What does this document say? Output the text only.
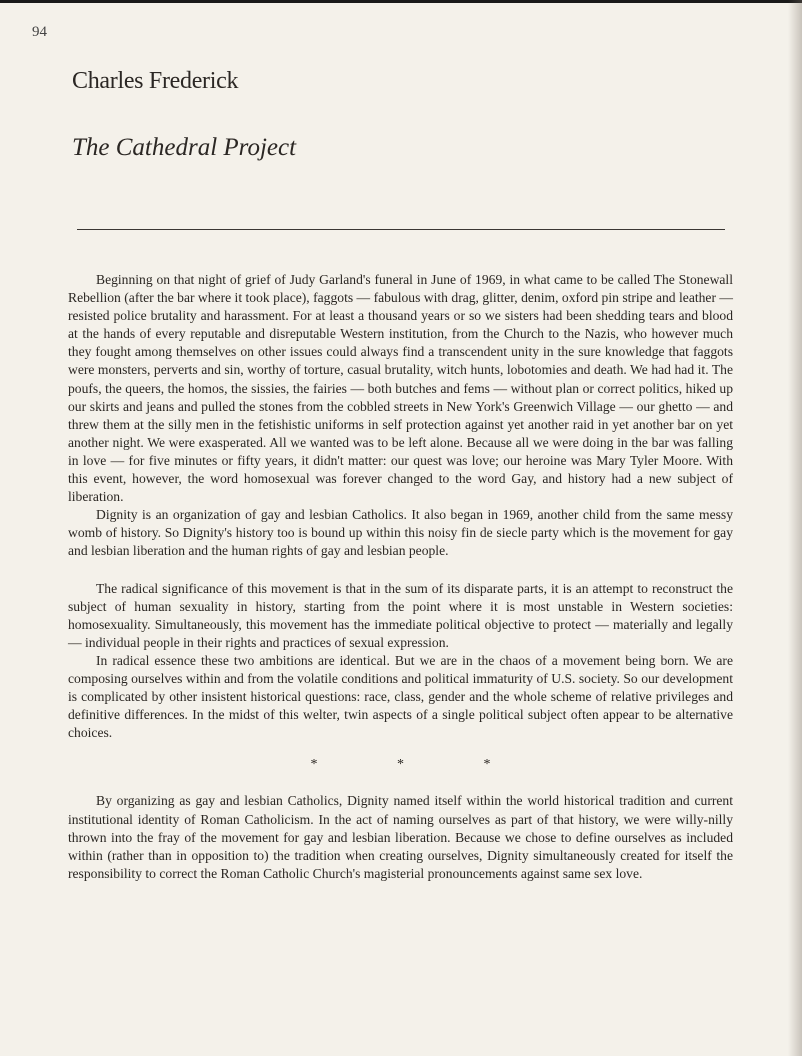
94
Charles Frederick
The Cathedral Project

Beginning on that night of grief of Judy Garland's funeral in June of 1969, in what came to be called The Stonewall Rebellion (after the bar where it took place), faggots — fabulous with drag, glitter, denim, oxford pin stripe and leather — resisted police brutality and harassment. For at least a thousand years or so we sisters had been shedding tears and blood at the hands of every reputable and disreputable Western institution, from the Church to the Nazis, who however much they fought among themselves on other issues could always find a transcendent unity in the sure knowledge that faggots were monsters, perverts and sin, worthy of torture, casual brutality, witch hunts, lobotomies and death. We had had it. The poufs, the queers, the homos, the sissies, the fairies — both butches and fems — without plan or correct politics, hiked up our skirts and jeans and pulled the stones from the cobbled streets in New York's Greenwich Village — our ghetto — and threw them at the silly men in the fetishistic uniforms in self protection against yet another raid in yet another bar on yet another night. We were exasperated. All we wanted was to be left alone. Because all we were doing in the bar was falling in love — for five minutes or fifty years, it didn't matter: our quest was love; our heroine was Mary Tyler Moore. With this event, however, the word homosexual was forever changed to the word Gay, and history had a new subject of liberation.

Dignity is an organization of gay and lesbian Catholics. It also began in 1969, another child from the same messy womb of history. So Dignity's history too is bound up within this noisy fin de siecle party which is the movement for gay and lesbian liberation and the human rights of gay and lesbian people.

The radical significance of this movement is that in the sum of its disparate parts, it is an attempt to reconstruct the subject of human sexuality in history, starting from the point where it is most unstable in Western societies: homosexuality. Simultaneously, this movement has the immediate political objective to protect — materially and legally — individual people in their rights and practices of sexual expression.

In radical essence these two ambitions are identical. But we are in the chaos of a movement being born. We are composing ourselves within and from the volatile conditions and political immaturity of U.S. society. So our development is complicated by other insistent historical questions: race, class, gender and the whole scheme of relative privileges and definitive differences. In the midst of this welter, twin aspects of a single political subject often appear to be alternative choices.

*	*	*

By organizing as gay and lesbian Catholics, Dignity named itself within the world historical tradition and current institutional identity of Roman Catholicism. In the act of naming ourselves as part of that history, we were willy-nilly thrown into the fray of the movement for gay and lesbian liberation. Because we chose to define ourselves as included within (rather than in opposition to) the tradition when creating ourselves, Dignity simultaneously created for itself the responsibility to correct the Roman Catholic Church's magisterial pronouncements against same sex love.
